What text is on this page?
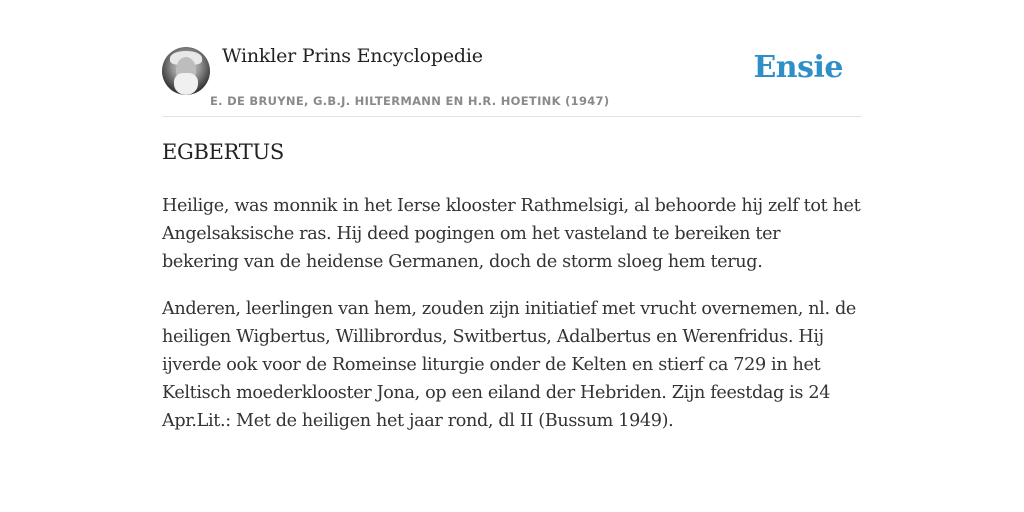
Winkler Prins Encyclopedie
E. DE BRUYNE, G.B.J. HILTERMANN EN H.R. HOETINK (1947)
Ensie
EGBERTUS

Heilige, was monnik in het Ierse klooster Rathmelsigi, al behoorde hij zelf tot het Angelsaksische ras. Hij deed pogingen om het vasteland te bereiken ter bekering van de heidense Germanen, doch de storm sloeg hem terug.

Anderen, leerlingen van hem, zouden zijn initiatief met vrucht overnemen, nl. de heiligen Wigbertus, Willibrordus, Switbertus, Adalbertus en Werenfridus. Hij ijverde ook voor de Romeinse liturgie onder de Kelten en stierf ca 729 in het Keltisch moederklooster Jona, op een eiland der Hebriden. Zijn feestdag is 24 Apr.Lit.: Met de heiligen het jaar rond, dl II (Bussum 1949).
